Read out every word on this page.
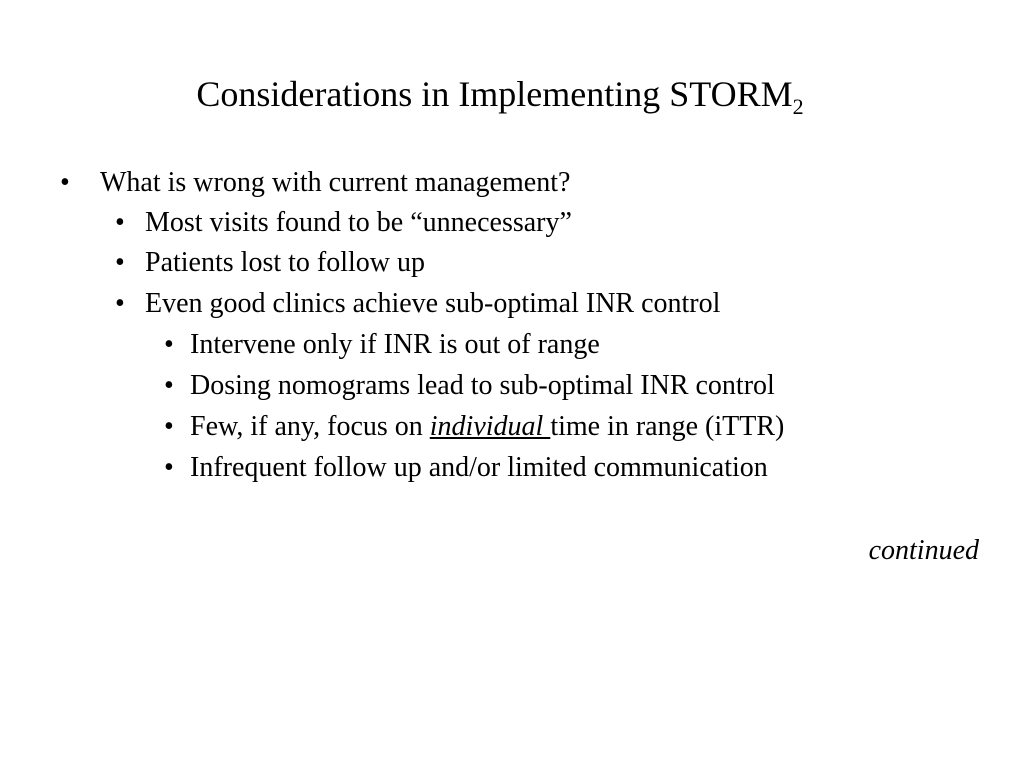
Considerations in Implementing $STORM_2$
• What is wrong with current management?
• Most visits found to be “unnecessary”
• Patients lost to follow up
• Even good clinics achieve sub-optimal INR control
• Intervene only if INR is out of range
• Dosing nomograms lead to sub-optimal INR control
• Few, if any, focus on individual time in range (iTTR)
• Infrequent follow up and/or limited communication
continued
